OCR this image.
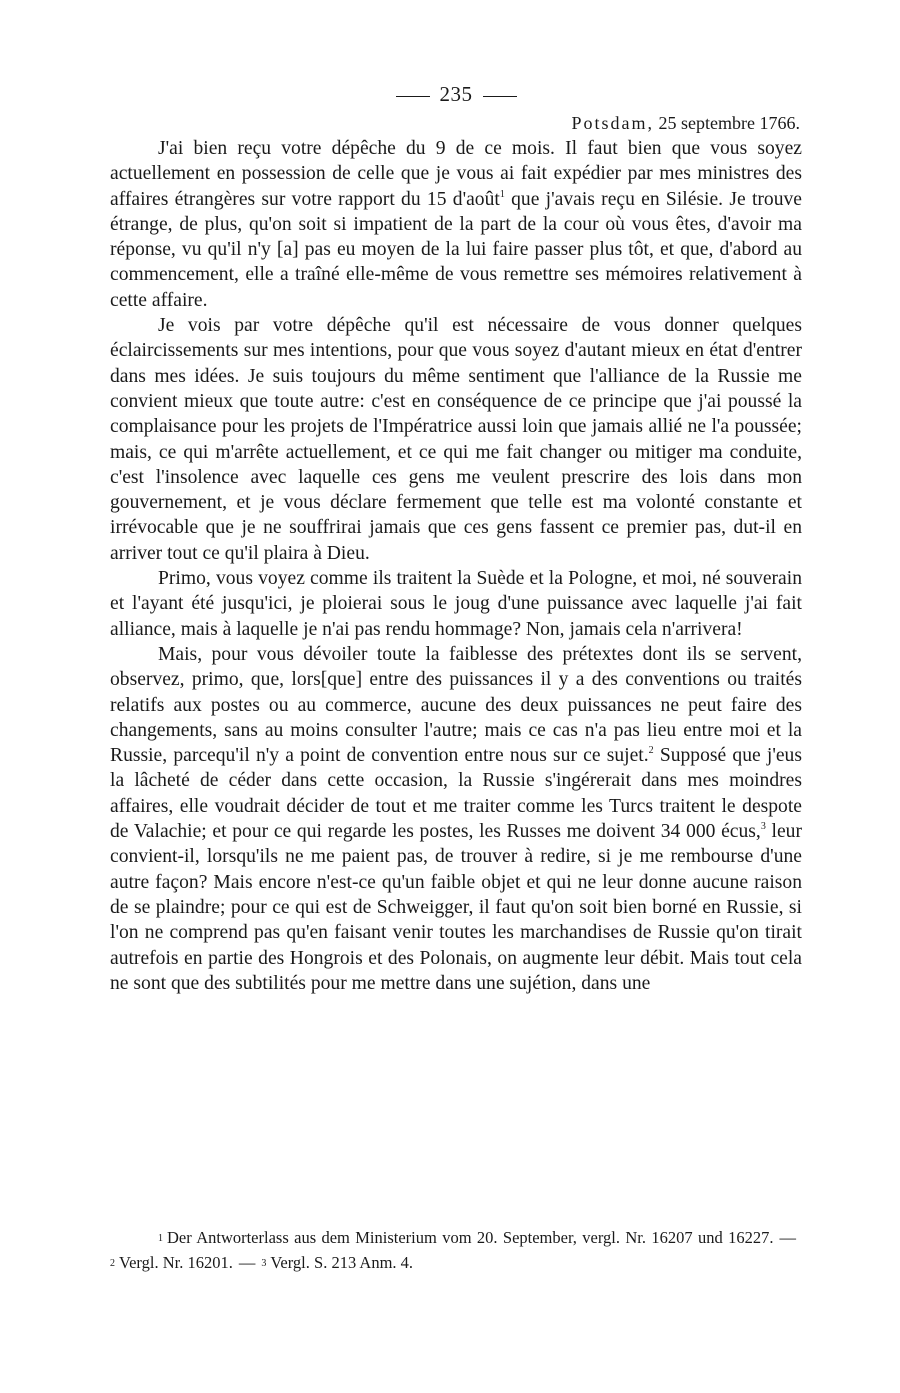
235
Potsdam, 25 septembre 1766.

J'ai bien reçu votre dépêche du 9 de ce mois. Il faut bien que vous soyez actuellement en possession de celle que je vous ai fait expédier par mes ministres des affaires étrangères sur votre rapport du 15 d'août$^1$ que j'avais reçu en Silésie. Je trouve étrange, de plus, qu'on soit si impatient de la part de la cour où vous êtes, d'avoir ma réponse, vu qu'il n'y [a] pas eu moyen de la lui faire passer plus tôt, et que, d'abord au commencement, elle a traîné elle-même de vous remettre ses mémoires relativement à cette affaire.

Je vois par votre dépêche qu'il est nécessaire de vous donner quelques éclaircissements sur mes intentions, pour que vous soyez d'autant mieux en état d'entrer dans mes idées. Je suis toujours du même sentiment que l'alliance de la Russie me convient mieux que toute autre: c'est en conséquence de ce principe que j'ai poussé la complaisance pour les projets de l'Impératrice aussi loin que jamais allié ne l'a poussée; mais, ce qui m'arrête actuellement, et ce qui me fait changer ou mitiger ma conduite, c'est l'insolence avec laquelle ces gens me veulent prescrire des lois dans mon gouvernement, et je vous déclare fermement que telle est ma volonté constante et irrévocable que je ne souffrirai jamais que ces gens fassent ce premier pas, dut-il en arriver tout ce qu'il plaira à Dieu.

Primo, vous voyez comme ils traitent la Suède et la Pologne, et moi, né souverain et l'ayant été jusqu'ici, je ploierai sous le joug d'une puissance avec laquelle j'ai fait alliance, mais à laquelle je n'ai pas rendu hommage? Non, jamais cela n'arrivera!

Mais, pour vous dévoiler toute la faiblesse des prétextes dont ils se servent, observez, primo, que, lors[que] entre des puissances il y a des conventions ou traités relatifs aux postes ou au commerce, aucune des deux puissances ne peut faire des changements, sans au moins consulter l'autre; mais ce cas n'a pas lieu entre moi et la Russie, parcequ'il n'y a point de convention entre nous sur ce sujet.$^2$ Supposé que j'eus la lâcheté de céder dans cette occasion, la Russie s'ingérerait dans mes moindres affaires, elle voudrait décider de tout et me traiter comme les Turcs traitent le despote de Valachie; et pour ce qui regarde les postes, les Russes me doivent 34 000 écus,$^3$ leur convient-il, lorsqu'ils ne me paient pas, de trouver à redire, si je me rembourse d'une autre façon? Mais encore n'est-ce qu'un faible objet et qui ne leur donne aucune raison de se plaindre; pour ce qui est de Schweigger, il faut qu'on soit bien borné en Russie, si l'on ne comprend pas qu'en faisant venir toutes les marchandises de Russie qu'on tirait autrefois en partie des Hongrois et des Polonais, on augmente leur débit. Mais tout cela ne sont que des subtilités pour me mettre dans une sujétion, dans une

1 Der Antworterlass aus dem Ministerium vom 20. September, vergl. Nr. 16207 und 16227. —2 Vergl. Nr. 16201. — 3 Vergl. S. 213 Anm. 4.
